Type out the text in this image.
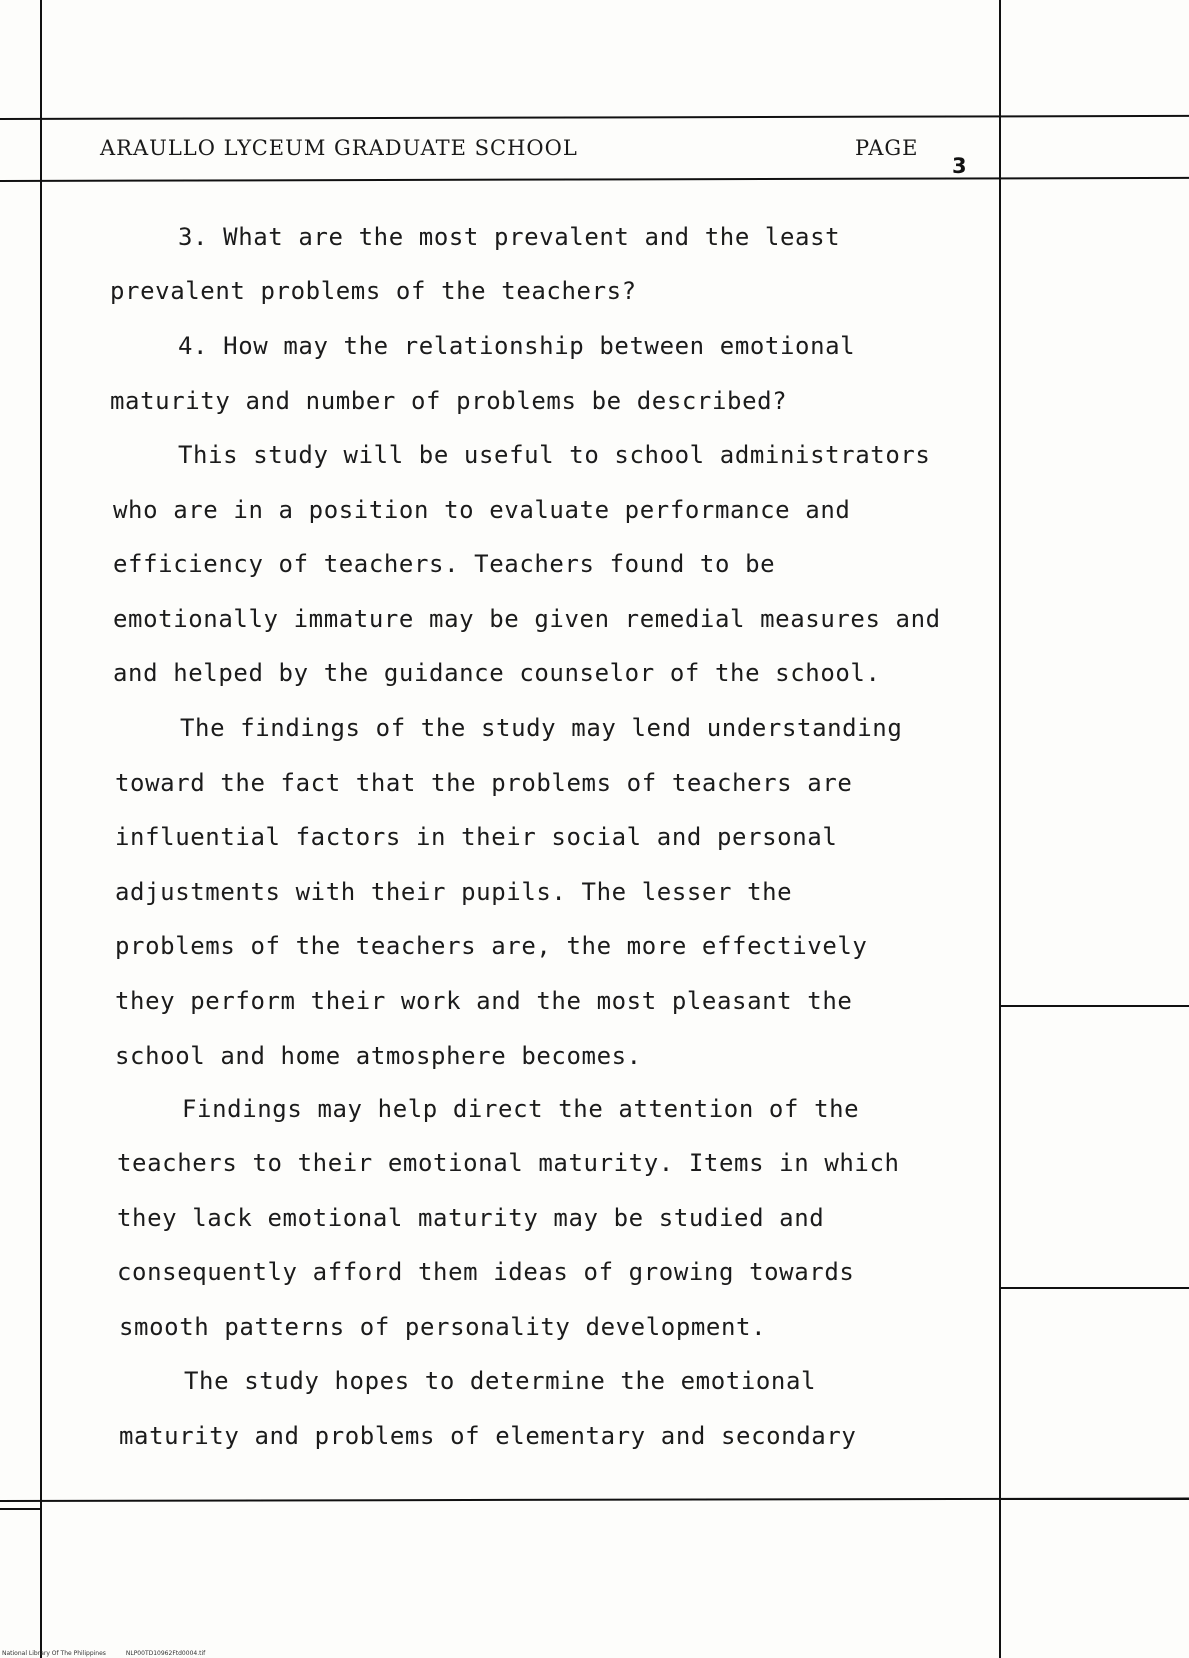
ARAULLO LYCEUM GRADUATE SCHOOL	PAGE
3
3. What are the most prevalent and the least
prevalent problems of the teachers?
4. How may the relationship between emotional
maturity and number of problems be described?
This study will be useful to school administrators
who are in a position to evaluate performance and
efficiency of teachers. Teachers found to be
emotionally immature may be given remedial measures and
and helped by the guidance counselor of the school.
The findings of the study may lend understanding
toward the fact that the problems of teachers are
influential factors in their social and personal
adjustments with their pupils. The lesser the
problems of the teachers are, the more effectively
they perform their work and the most pleasant the
school and home atmosphere becomes.
Findings may help direct the attention of the
teachers to their emotional maturity. Items in which
they lack emotional maturity may be studied and
consequently afford them ideas of growing towards
smooth patterns of personality development.
The study hopes to determine the emotional
maturity and problems of elementary and secondary
National Library Of The Philippines	NLP00TD10962Ftd0004.tif
